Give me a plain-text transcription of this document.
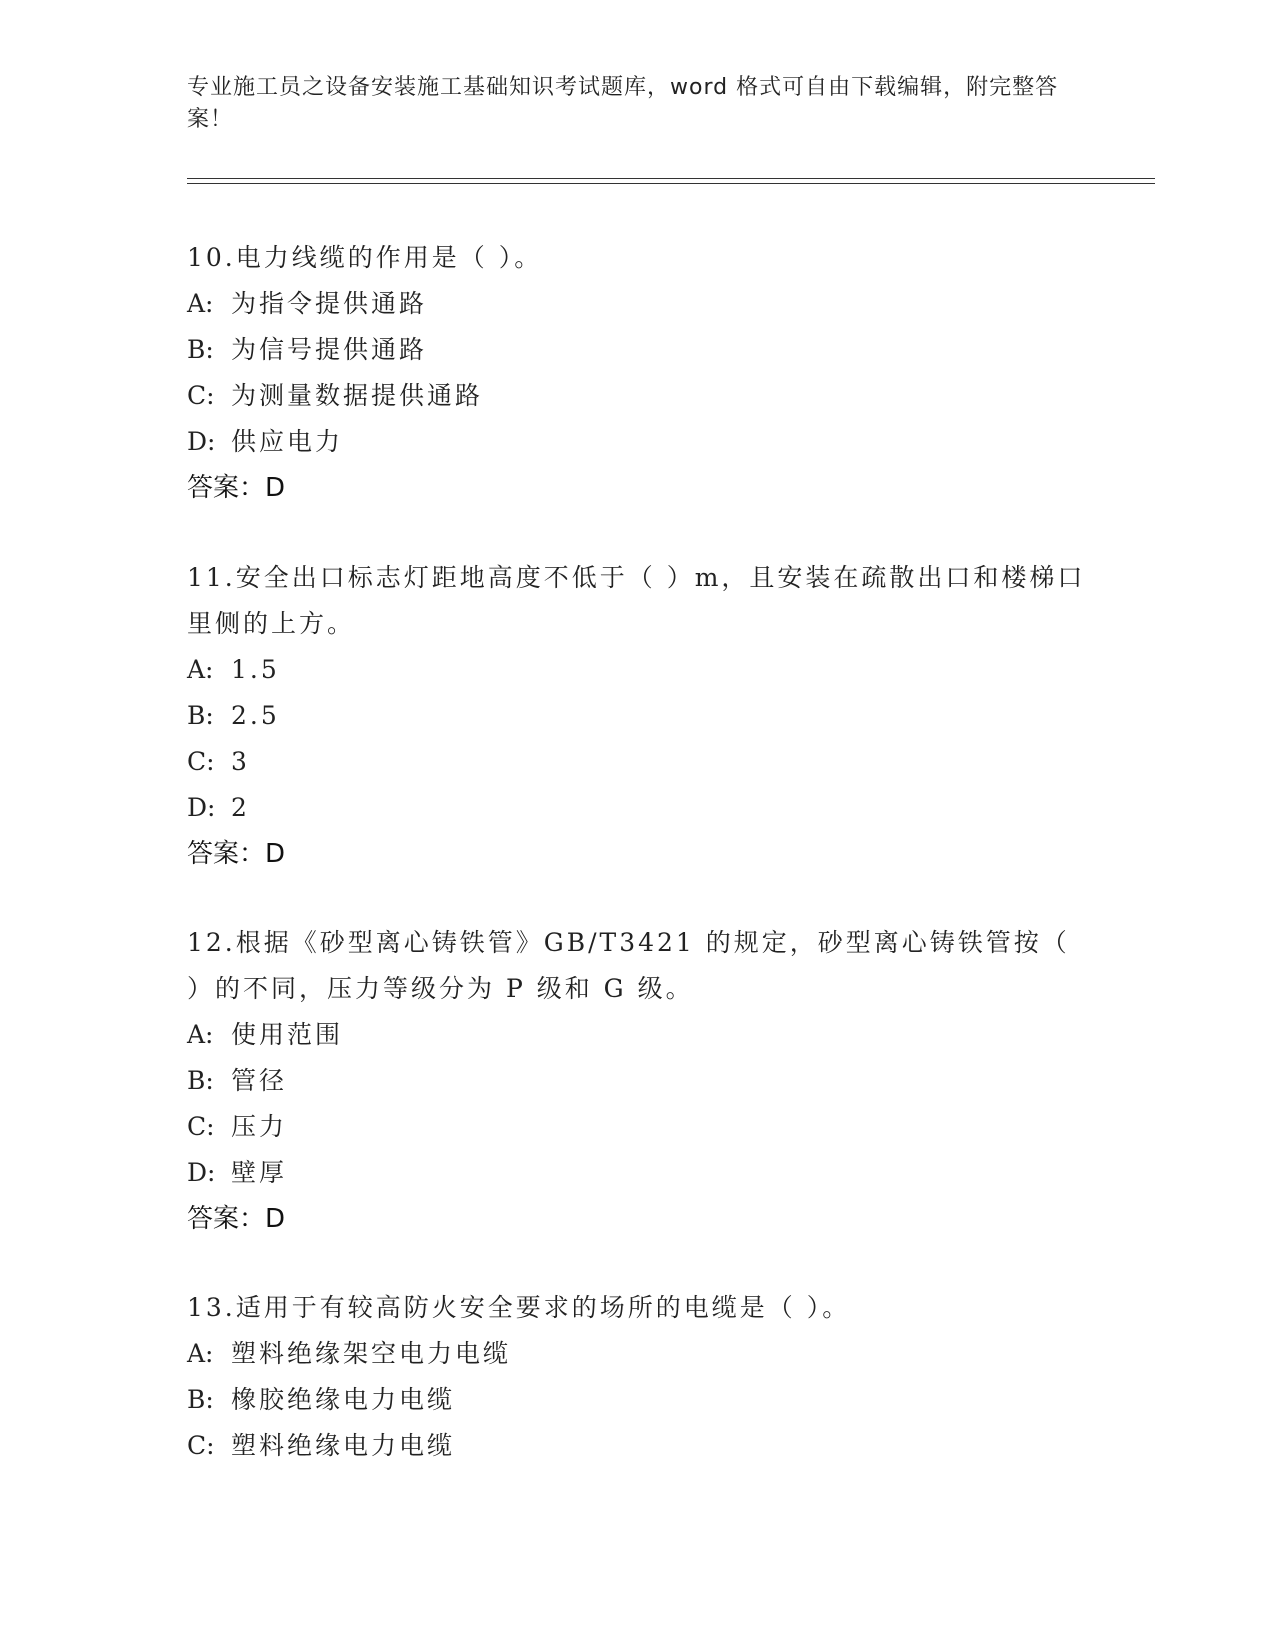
专业施工员之设备安装施工基础知识考试题库，word 格式可自由下载编辑，附完整答案！
10.电力线缆的作用是（ ）。
A: 为指令提供通路
B: 为信号提供通路
C: 为测量数据提供通路
D: 供应电力
答案：D
11.安全出口标志灯距地高度不低于（ ）m，且安装在疏散出口和楼梯口里侧的上方。
A: 1.5
B: 2.5
C: 3
D: 2
答案：D
12.根据《砂型离心铸铁管》GB/T3421 的规定，砂型离心铸铁管按（ ）的不同，压力等级分为 P 级和 G 级。
A: 使用范围
B: 管径
C: 压力
D: 壁厚
答案：D
13.适用于有较高防火安全要求的场所的电缆是（ ）。
A: 塑料绝缘架空电力电缆
B: 橡胶绝缘电力电缆
C: 塑料绝缘电力电缆
